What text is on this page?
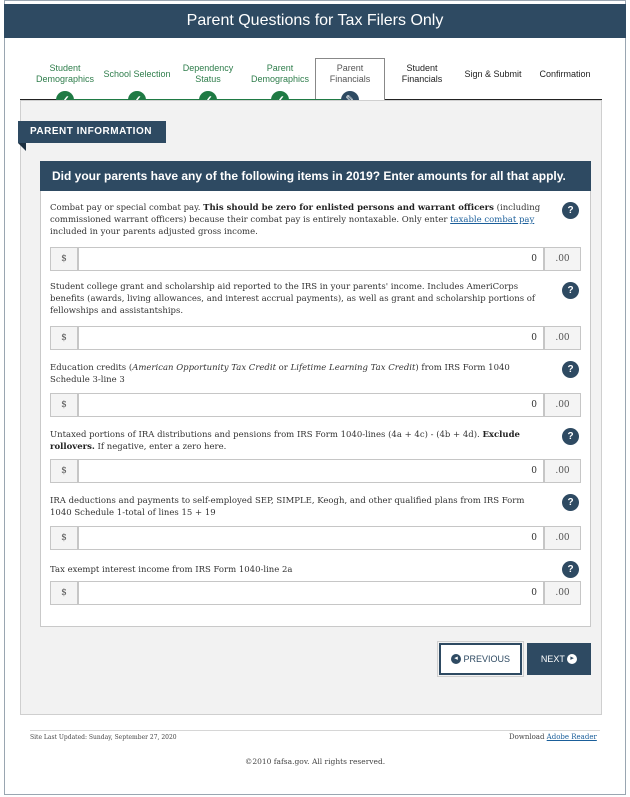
Parent Questions for Tax Filers Only
Student Demographics
School Selection
Dependency Status
Parent Demographics
Parent Financials
Student Financials
Sign & Submit	Confirmation
PARENT INFORMATION
Did your parents have any of the following items in 2019? Enter amounts for all that apply.
Combat pay or special combat pay. This should be zero for enlisted persons and warrant officers (including commissioned warrant officers) because their combat pay is entirely nontaxable. Only enter taxable combat pay included in your parents adjusted gross income.
?
$	0	.00
Student college grant and scholarship aid reported to the IRS in your parents' income. Includes AmeriCorps benefits (awards, living allowances, and interest accrual payments), as well as grant and scholarship portions of fellowships and assistantships.
?
$	0	.00
Education credits (American Opportunity Tax Credit or Lifetime Learning Tax Credit) from IRS Form 1040 Schedule 3-line 3
?
$	0	.00
Untaxed portions of IRA distributions and pensions from IRS Form 1040-lines (4a + 4c) - (4b + 4d). Exclude rollovers. If negative, enter a zero here.
?
$	0	.00
IRA deductions and payments to self-employed SEP, SIMPLE, Keogh, and other qualified plans from IRS Form 1040 Schedule 1-total of lines 15 + 19
?
$	0	.00
Tax exempt interest income from IRS Form 1040-line 2a	?
$	0	.00
◂ PREVIOUS	NEXT ▸
Site Last Updated: Sunday, September 27, 2020	Download Adobe Reader
©2010 fafsa.gov. All rights reserved.
